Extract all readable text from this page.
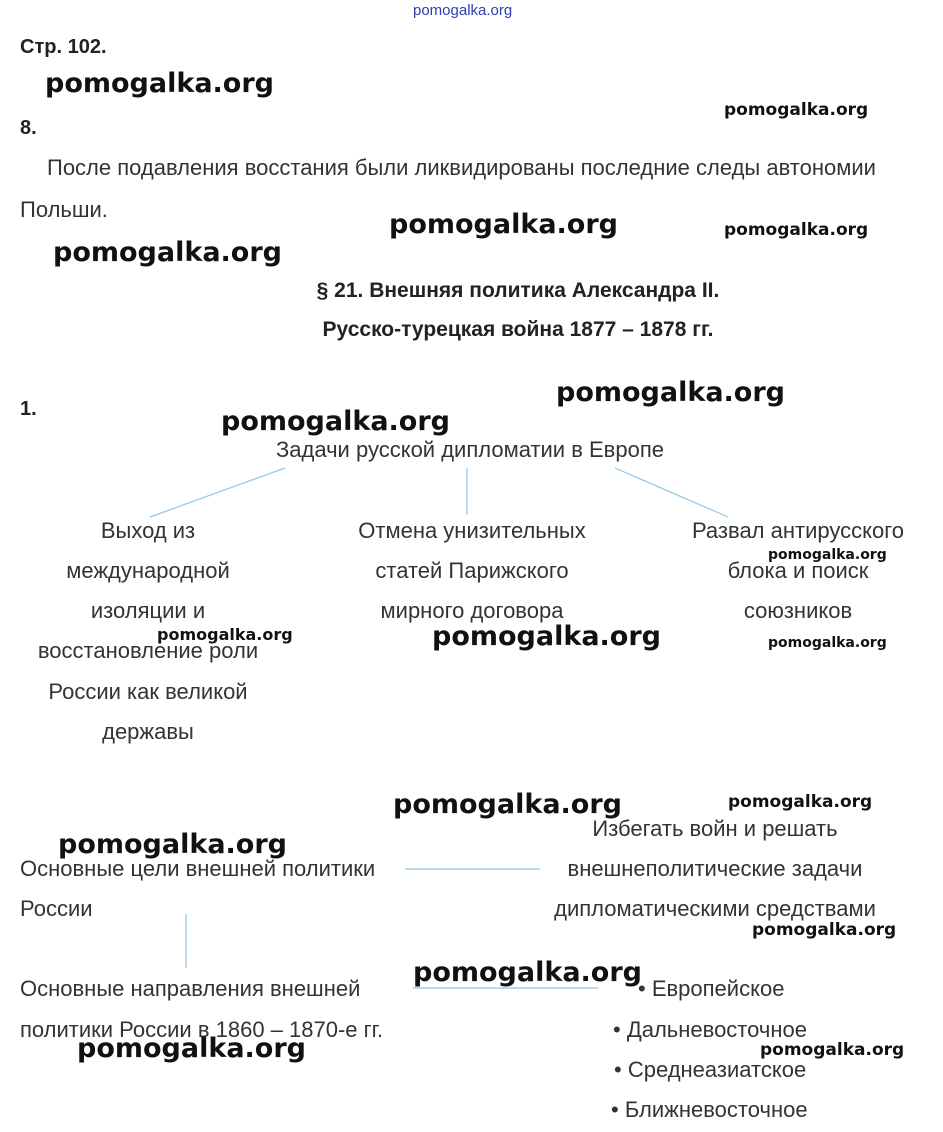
pomogalka.org
Стр. 102.
8.
После подавления восстания были ликвидированы последние следы автономии
Польши.
§ 21. Внешняя политика Александра II.
Русско-турецкая война 1877 – 1878 гг.
1.
Задачи русской дипломатии в Европе
Выход из
международной
изоляции и
восстановление роли
России как великой
державы
Отмена унизительных
статей Парижского
мирного договора
Развал антирусского
блока и поиск
союзников
Основные цели внешней политики
России
Избегать войн и решать
внешнеполитические задачи
дипломатическими средствами
Основные направления внешней
политики России в 1860 – 1870-е гг.
• Европейское
• Дальневосточное
• Среднеазиатское
• Ближневосточное
pomogalka.org
pomogalka.org
pomogalka.org	pomogalka.org
pomogalka.org
pomogalka.org
pomogalka.org
pomogalka.org
pomogalka.org	pomogalka.org	pomogalka.org
pomogalka.org	pomogalka.org
pomogalka.org
pomogalka.org
pomogalka.org
pomogalka.org	pomogalka.org
